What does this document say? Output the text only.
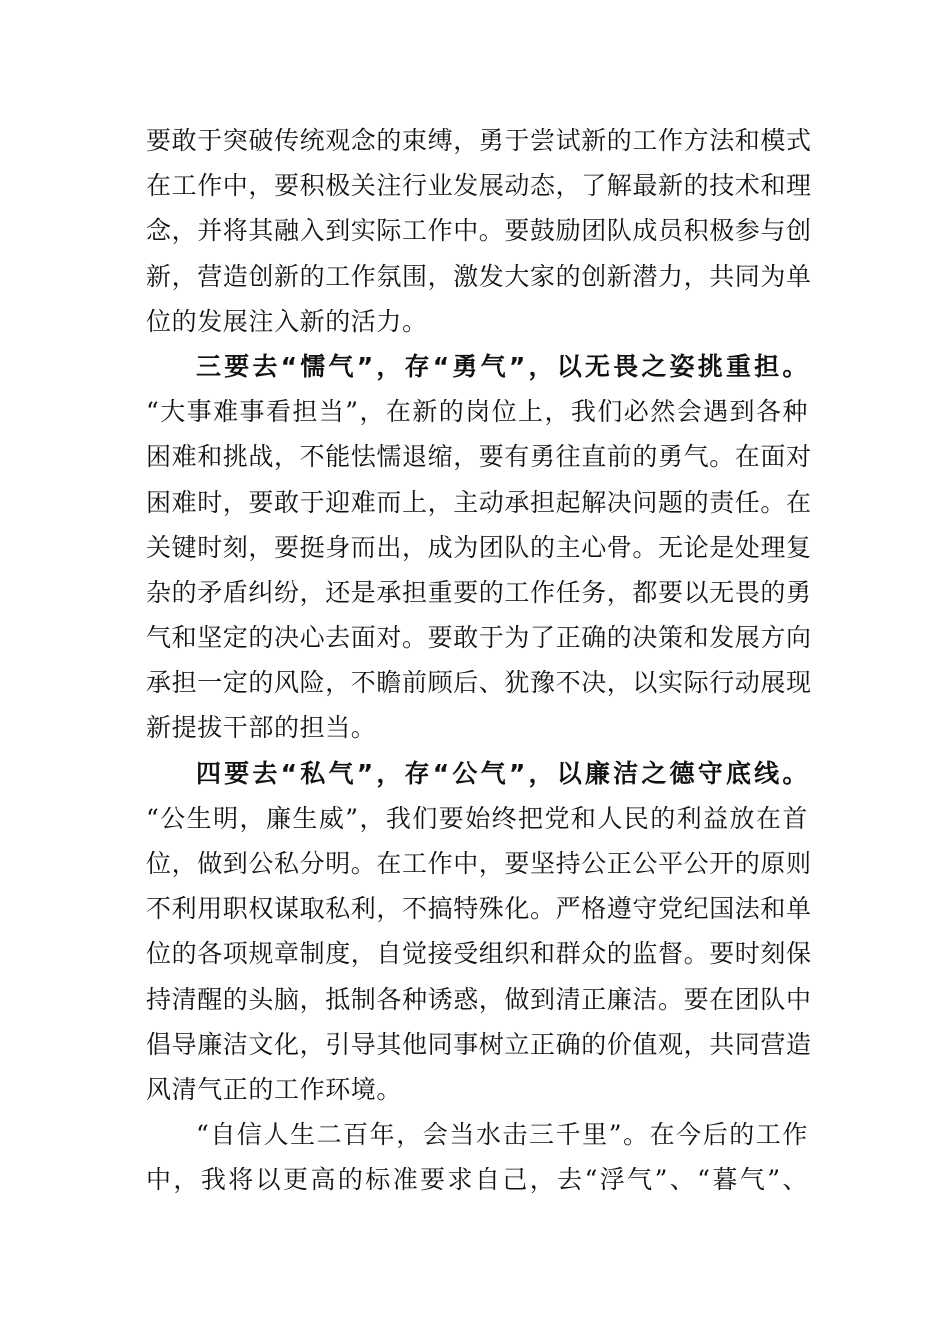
要敢于突破传统观念的束缚，勇于尝试新的工作方法和模式
在工作中，要积极关注行业发展动态，了解最新的技术和理
念，并将其融入到实际工作中。要鼓励团队成员积极参与创
新，营造创新的工作氛围，激发大家的创新潜力，共同为单
位的发展注入新的活力。
三要去“懦气”，存“勇气”，以无畏之姿挑重担。
“大事难事看担当”，在新的岗位上，我们必然会遇到各种
困难和挑战，不能怯懦退缩，要有勇往直前的勇气。在面对
困难时，要敢于迎难而上，主动承担起解决问题的责任。在
关键时刻，要挺身而出，成为团队的主心骨。无论是处理复
杂的矛盾纠纷，还是承担重要的工作任务，都要以无畏的勇
气和坚定的决心去面对。要敢于为了正确的决策和发展方向
承担一定的风险，不瞻前顾后、犹豫不决，以实际行动展现
新提拔干部的担当。
四要去“私气”，存“公气”，以廉洁之德守底线。
“公生明，廉生威”，我们要始终把党和人民的利益放在首
位，做到公私分明。在工作中，要坚持公正公平公开的原则
不利用职权谋取私利，不搞特殊化。严格遵守党纪国法和单
位的各项规章制度，自觉接受组织和群众的监督。要时刻保
持清醒的头脑，抵制各种诱惑，做到清正廉洁。要在团队中
倡导廉洁文化，引导其他同事树立正确的价值观，共同营造
风清气正的工作环境。
“自信人生二百年，会当水击三千里”。在今后的工作
中，我将以更高的标准要求自己，去“浮气”、“暮气”、
